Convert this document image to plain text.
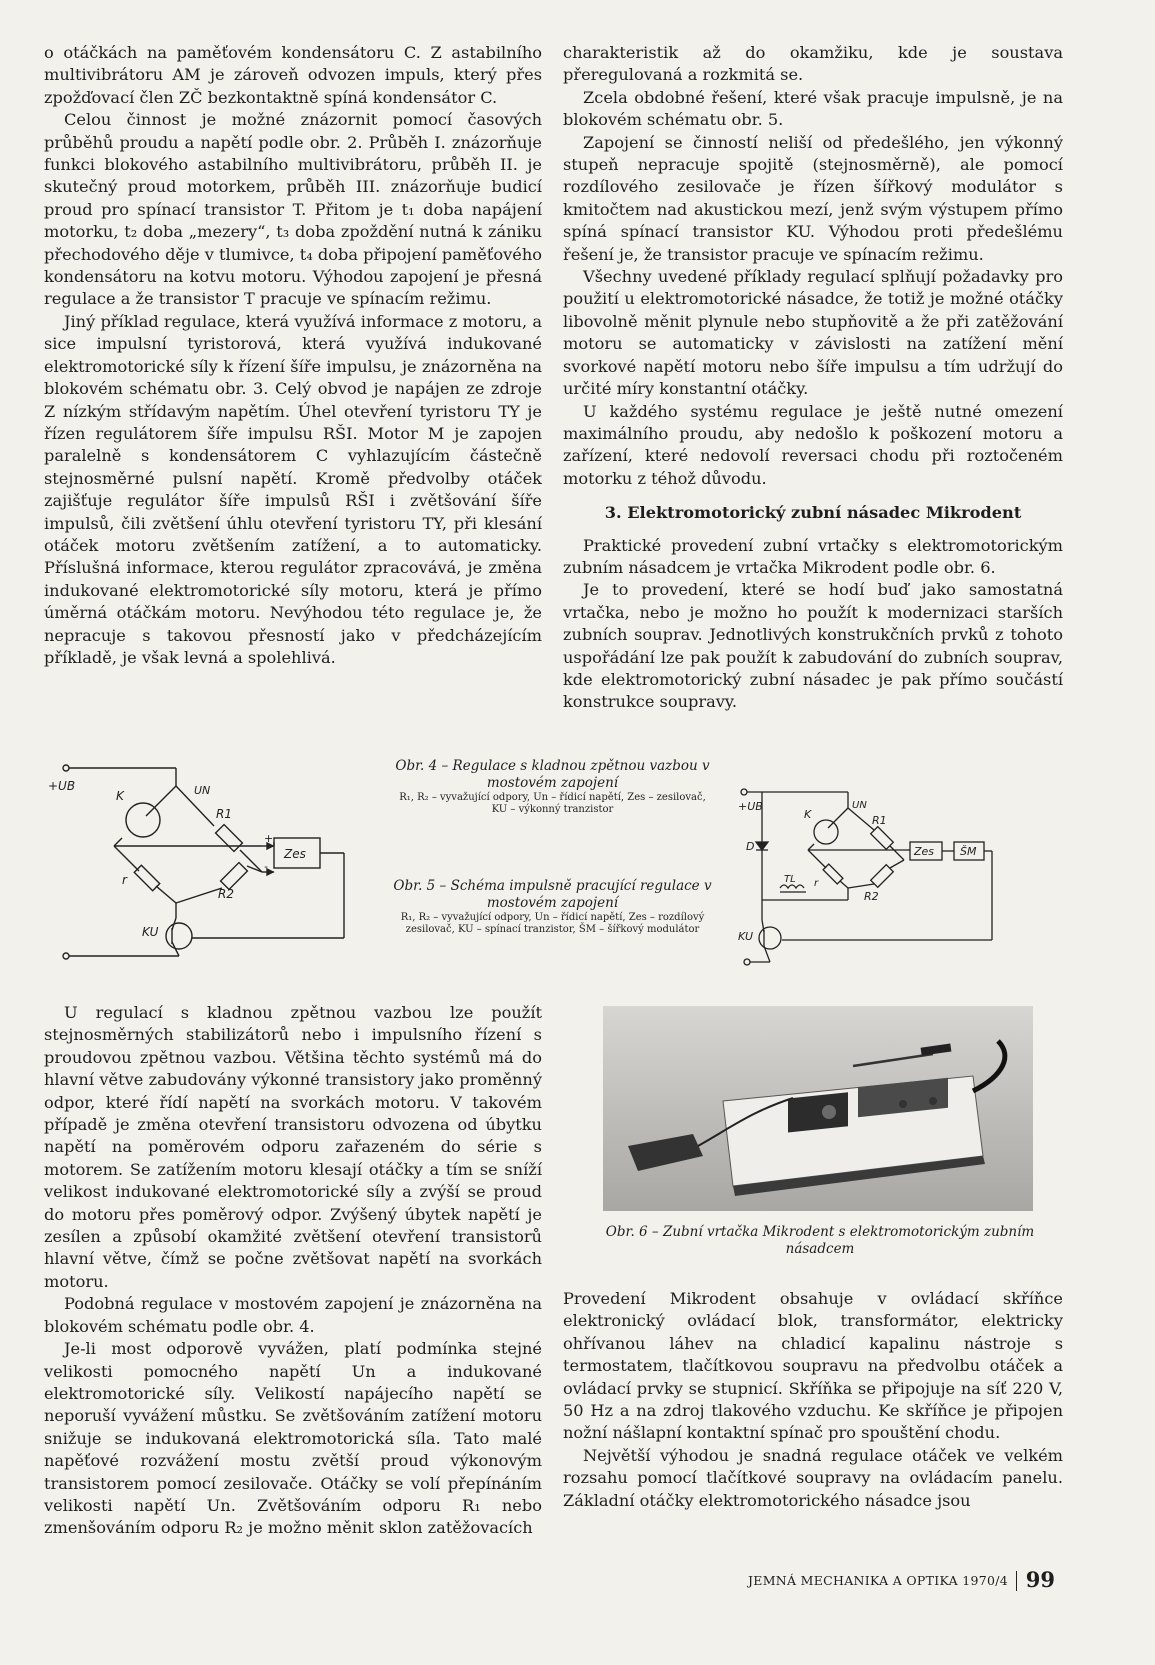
o otáčkách na paměťovém kondensátoru C. Z astabilního multivibrátoru AM je zároveň odvozen impuls, který přes zpožďovací člen ZČ bezkontaktně spíná kondensátor C.

Celou činnost je možné znázornit pomocí časových průběhů proudu a napětí podle obr. 2. Průběh I. znázorňuje funkci blokového astabilního multivibrátoru, průběh II. je skutečný proud motorkem, průběh III. znázorňuje budicí proud pro spínací transistor T. Přitom je t₁ doba napájení motorku, t₂ doba „mezery“, t₃ doba zpoždění nutná k zániku přechodového děje v tlumivce, t₄ doba připojení paměťového kondensátoru na kotvu motoru. Výhodou zapojení je přesná regulace a že transistor T pracuje ve spínacím režimu.

Jiný příklad regulace, která využívá informace z motoru, a sice impulsní tyristorová, která využívá indukované elektromotorické síly k řízení šíře impulsu, je znázorněna na blokovém schématu obr. 3. Celý obvod je napájen ze zdroje Z nízkým střídavým napětím. Úhel otevření tyristoru TY je řízen regulátorem šíře impulsu RŠI. Motor M je zapojen paralelně s kondensátorem C vyhlazujícím částečně stejnosměrné pulsní napětí. Kromě předvolby otáček zajišťuje regulátor šíře impulsů RŠI i zvětšování šíře impulsů, čili zvětšení úhlu otevření tyristoru TY, při klesání otáček motoru zvětšením zatížení, a to automaticky. Příslušná informace, kterou regulátor zpracovává, je změna indukované elektromotorické síly motoru, která je přímo úměrná otáčkám motoru. Nevýhodou této regulace je, že nepracuje s takovou přesností jako v předcházejícím příkladě, je však levná a spolehlivá.

charakteristik až do okamžiku, kde je soustava přeregulovaná a rozkmitá se.

Zcela obdobné řešení, které však pracuje impulsně, je na blokovém schématu obr. 5.

Zapojení se činností neliší od předešlého, jen výkonný stupeň nepracuje spojitě (stejnosměrně), ale pomocí rozdílového zesilovače je řízen šířkový modulátor s kmitočtem nad akustickou mezí, jenž svým výstupem přímo spíná spínací transistor KU. Výhodou proti předešlému řešení je, že transistor pracuje ve spínacím režimu.

Všechny uvedené příklady regulací splňují požadavky pro použití u elektromotorické násadce, že totiž je možné otáčky libovolně měnit plynule nebo stupňovitě a že při zatěžování motoru se automaticky v závislosti na zatížení mění svorkové napětí motoru nebo šíře impulsu a tím udržují do určité míry konstantní otáčky.

U každého systému regulace je ještě nutné omezení maximálního proudu, aby nedošlo k poškození motoru a zařízení, které nedovolí reversaci chodu při roztočeném motorku z téhož důvodu.

3. Elektromotorický zubní násadec Mikrodent

Praktické provedení zubní vrtačky s elektromotorickým zubním násadcem je vrtačka Mikrodent podle obr. 6.

Je to provedení, které se hodí buď jako samostatná vrtačka, nebo je možno ho použít k modernizaci starších zubních souprav. Jednotlivých konstrukčních prvků z tohoto uspořádání lze pak použít k zabudování do zubních souprav, kde elektromotorický zubní násadec je pak přímo součástí konstrukce soupravy.

+UB
K	UN
R1
r
R2
Zes
+
-
KU
Obr. 4 – Regulace s kladnou zpětnou vazbou v mostovém zapojení
R₁, R₂ – vyvažující odpory, Un – řídicí napětí, Zes – zesilovač, KU – výkonný tranzistor
Obr. 5 – Schéma impulsně pracující regulace v mostovém zapojení
R₁, R₂ – vyvažující odpory, Un – řídicí napětí, Zes – rozdílový zesilovač, KU – spínací tranzistor, ŠM – šířkový modulátor
+UB
K
UN
R1
D
TL r
R2
Zes ŠM
KU

U regulací s kladnou zpětnou vazbou lze použít stejnosměrných stabilizátorů nebo i impulsního řízení s proudovou zpětnou vazbou. Většina těchto systémů má do hlavní větve zabudovány výkonné transistory jako proměnný odpor, které řídí napětí na svorkách motoru. V takovém případě je změna otevření transistoru odvozena od úbytku napětí na poměrovém odporu zařazeném do série s motorem. Se zatížením motoru klesají otáčky a tím se sníží velikost indukované elektromotorické síly a zvýší se proud do motoru přes poměrový odpor. Zvýšený úbytek napětí je zesílen a způsobí okamžité zvětšení otevření transistorů hlavní větve, čímž se počne zvětšovat napětí na svorkách motoru.

Podobná regulace v mostovém zapojení je znázorněna na blokovém schématu podle obr. 4.

Je-li most odporově vyvážen, platí podmínka stejné velikosti pomocného napětí Un a indukované elektromotorické síly. Velikostí napájecího napětí se neporuší vyvážení můstku. Se zvětšováním zatížení motoru snižuje se indukovaná elektromotorická síla. Tato malé napěťové rozvážení mostu zvětší proud výkonovým transistorem pomocí zesilovače. Otáčky se volí přepínáním velikosti napětí Un. Zvětšováním odporu R₁ nebo zmenšováním odporu R₂ je možno měnit sklon zatěžovacích

Obr. 6 – Zubní vrtačka Mikrodent s elektromotorickým zubním násadcem

Provedení Mikrodent obsahuje v ovládací skříňce elektronický ovládací blok, transformátor, elektricky ohřívanou láhev na chladicí kapalinu nástroje s termostatem, tlačítkovou soupravu na předvolbu otáček a ovládací prvky se stupnicí. Skříňka se připojuje na síť 220 V, 50 Hz a na zdroj tlakového vzduchu. Ke skříňce je připojen nožní nášlapní kontaktní spínač pro spouštění chodu.

Největší výhodou je snadná regulace otáček ve velkém rozsahu pomocí tlačítkové soupravy na ovládacím panelu. Základní otáčky elektromotorického násadce jsou

JEMNÁ MECHANIKA A OPTIKA 1970/4 99
